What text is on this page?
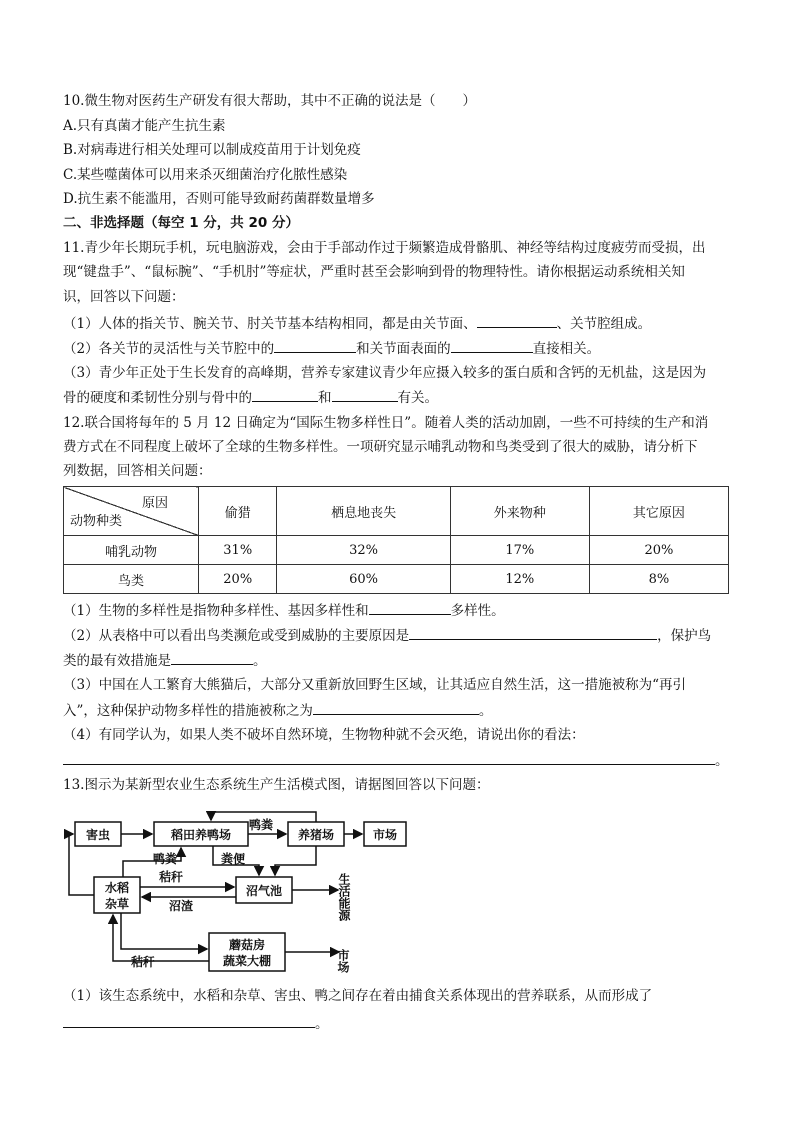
10.微生物对医药生产研发有很大帮助，其中不正确的说法是（　　）
A.只有真菌才能产生抗生素
B.对病毒进行相关处理可以制成疫苗用于计划免疫
C.某些噬菌体可以用来杀灭细菌治疗化脓性感染
D.抗生素不能滥用，否则可能导致耐药菌群数量增多
二、非选择题（每空 1 分，共 20 分）
11.青少年长期玩手机，玩电脑游戏，会由于手部动作过于频繁造成骨骼肌、神经等结构过度疲劳而受损，出
现“键盘手”、“鼠标腕”、“手机肘”等症状，严重时甚至会影响到骨的物理特性。请你根据运动系统相关知
识，回答以下问题：
（1）人体的指关节、腕关节、肘关节基本结构相同，都是由关节面、	、关节腔组成。
（2）各关节的灵活性与关节腔中的	和关节面表面的	直接相关。
（3）青少年正处于生长发育的高峰期，营养专家建议青少年应摄入较多的蛋白质和含钙的无机盐，这是因为
骨的硬度和柔韧性分别与骨中的	和	有关。
12.联合国将每年的 5 月 12 日确定为“国际生物多样性日”。随着人类的活动加剧，一些不可持续的生产和消
费方式在不同程度上破坏了全球的生物多样性。一项研究显示哺乳动物和鸟类受到了很大的威胁，请分析下
列数据，回答相关问题：
原因
动物种类	偷猎	栖息地丧失	外来物种	其它原因
哺乳动物	31%	32%	17%	20%
鸟类	20%	60%	12%	8%
（1）生物的多样性是指物种多样性、基因多样性和	多样性。
（2）从表格中可以看出鸟类濒危或受到威胁的主要原因是	，保护鸟
类的最有效措施是	。
（3）中国在人工繁育大熊猫后，大部分又重新放回野生区域，让其适应自然生活，这一措施被称为“再引
入”，这种保护动物多样性的措施被称之为	。
（4）有同学认为，如果人类不破坏自然环境，生物物种就不会灭绝，请说出你的看法：
。
13.图示为某新型农业生态系统生产生活模式图，请据图回答以下问题：
害虫	稻田养鸭场	养猪场	市场
水稻
杂草
沼气池
蘑菇房
蔬菜大棚
鸭粪
鸭粪
秸秆
粪便
沼渣
秸秆
生活能源
市场
（1）该生态系统中，水稻和杂草、害虫、鸭之间存在着由捕食关系体现出的营养联系，从而形成了
。
